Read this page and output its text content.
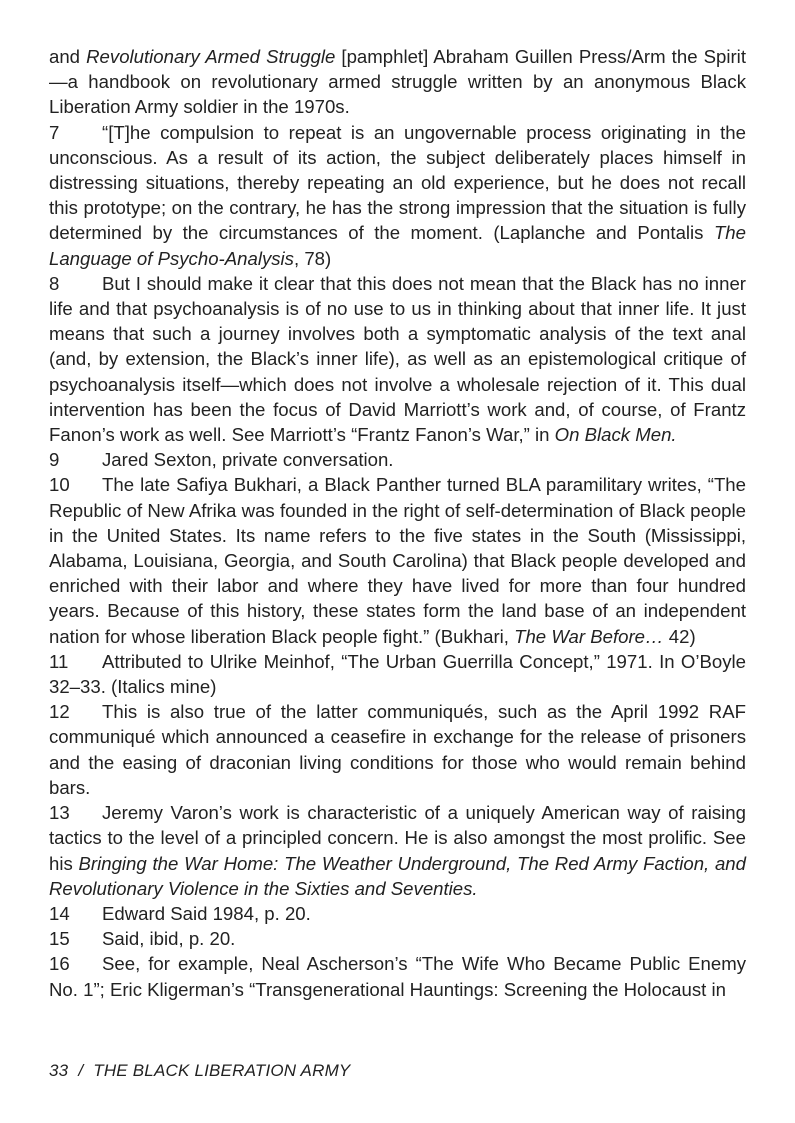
and Revolutionary Armed Struggle [pamphlet] Abraham Guillen Press/Arm the Spirit—a handbook on revolutionary armed struggle written by an anonymous Black Liberation Army soldier in the 1970s.

7 “[T]he compulsion to repeat is an ungovernable process originating in the unconscious. As a result of its action, the subject deliberately places himself in distressing situations, thereby repeating an old experience, but he does not recall this prototype; on the contrary, he has the strong impression that the situation is fully determined by the circumstances of the moment. (Laplanche and Pontalis The Language of Psycho-Analysis, 78)

8 But I should make it clear that this does not mean that the Black has no inner life and that psychoanalysis is of no use to us in thinking about that inner life. It just means that such a journey involves both a symptomatic analysis of the text anal (and, by extension, the Black’s inner life), as well as an epistemological critique of psychoanalysis itself—which does not involve a wholesale rejection of it. This dual intervention has been the focus of David Marriott’s work and, of course, of Frantz Fanon’s work as well. See Marriott’s “Frantz Fanon’s War,” in On Black Men.

9 Jared Sexton, private conversation.

10 The late Safiya Bukhari, a Black Panther turned BLA paramilitary writes, “The Republic of New Afrika was founded in the right of self-determination of Black people in the United States. Its name refers to the five states in the South (Mississippi, Alabama, Louisiana, Georgia, and South Carolina) that Black people developed and enriched with their labor and where they have lived for more than four hundred years. Because of this history, these states form the land base of an independent nation for whose liberation Black people fight.” (Bukhari, The War Before… 42)

11 Attributed to Ulrike Meinhof, “The Urban Guerrilla Concept,” 1971. In O’Boyle 32–33. (Italics mine)

12 This is also true of the latter communiqués, such as the April 1992 RAF communiqué which announced a ceasefire in exchange for the release of prisoners and the easing of draconian living conditions for those who would remain behind bars.

13 Jeremy Varon’s work is characteristic of a uniquely American way of raising tactics to the level of a principled concern. He is also amongst the most prolific. See his Bringing the War Home: The Weather Underground, The Red Army Faction, and Revolutionary Violence in the Sixties and Seventies.

14 Edward Said 1984, p. 20.

15 Said, ibid, p. 20.

16 See, for example, Neal Ascherson’s “The Wife Who Became Public Enemy No. 1”; Eric Kligerman’s “Transgenerational Hauntings: Screening the Holocaust in

33 / THE BLACK LIBERATION ARMY
